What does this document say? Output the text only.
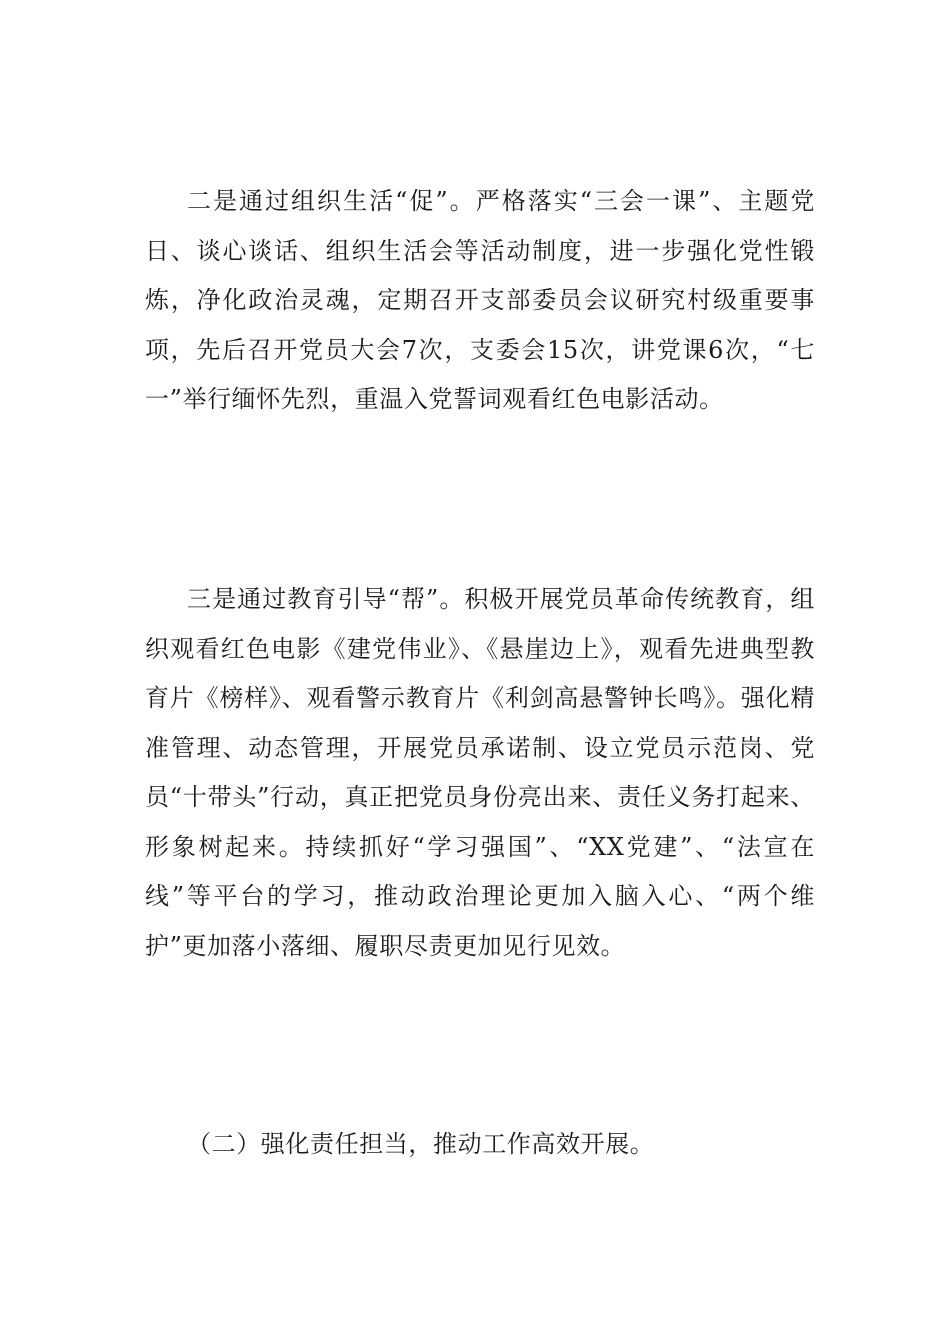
二是通过组织生活“促”。严格落实“三会一课”、主题党日、谈心谈话、组织生活会等活动制度，进一步强化党性锻炼，净化政治灵魂，定期召开支部委员会议研究村级重要事项，先后召开党员大会7次，支委会15次，讲党课6次，“七一”举行缅怀先烈，重温入党誓词观看红色电影活动。

三是通过教育引导“帮”。积极开展党员革命传统教育，组织观看红色电影《建党伟业》、《悬崖边上》，观看先进典型教育片《榜样》、观看警示教育片《利剑高悬警钟长鸣》。强化精准管理、动态管理，开展党员承诺制、设立党员示范岗、党员“十带头”行动，真正把党员身份亮出来、责任义务打起来、形象树起来。持续抓好“学习强国”、“XX党建”、“法宣在线”等平台的学习，推动政治理论更加入脑入心、“两个维护”更加落小落细、履职尽责更加见行见效。

（二）强化责任担当，推动工作高效开展。
